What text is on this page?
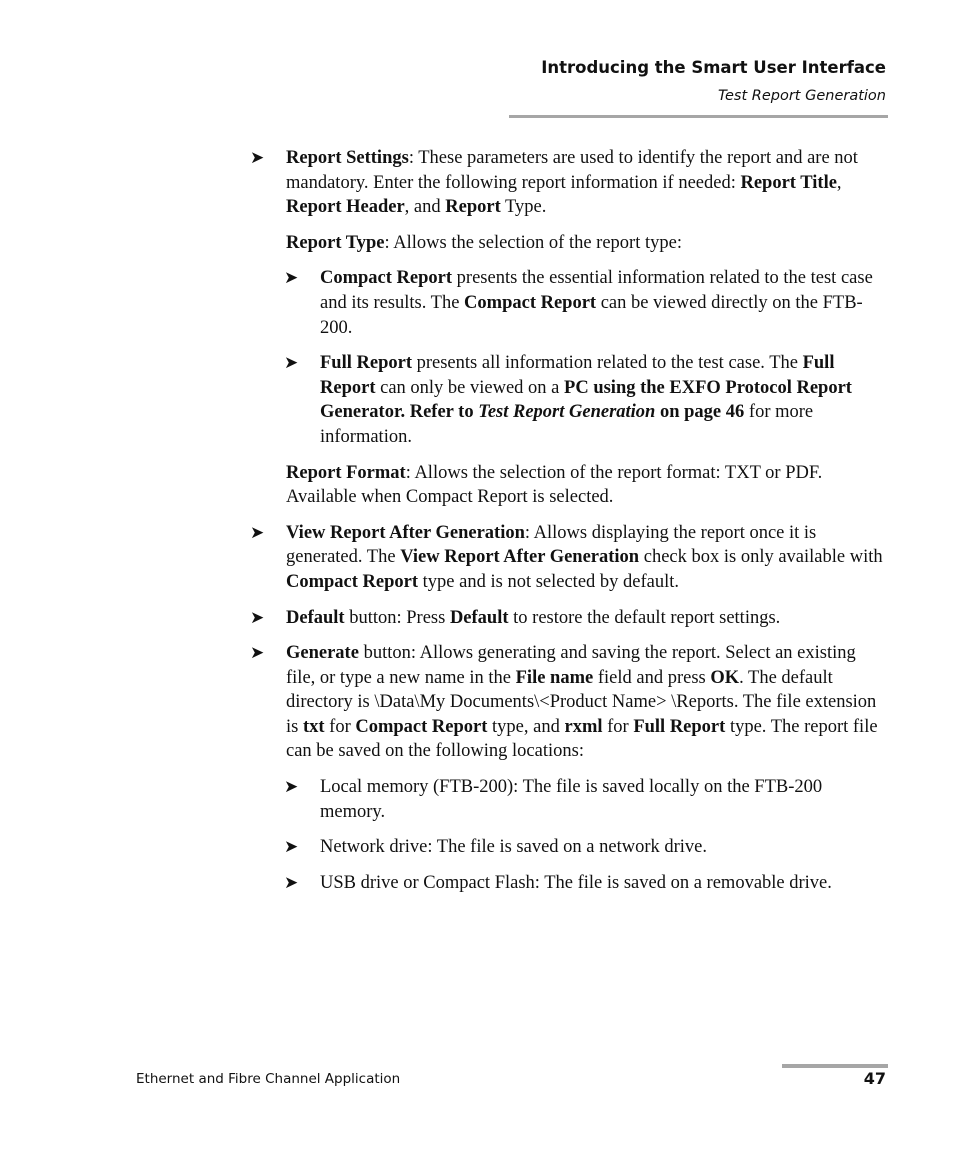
Introducing the Smart User Interface
Test Report Generation
➤ Report Settings: These parameters are used to identify the report and are not mandatory. Enter the following report information if needed: Report Title, Report Header, and Report Type.
Report Type: Allows the selection of the report type:
➤ Compact Report presents the essential information related to the test case and its results. The Compact Report can be viewed directly on the FTB-200.
➤ Full Report presents all information related to the test case. The Full Report can only be viewed on a PC using the EXFO Protocol Report Generator. Refer to Test Report Generation on page 46 for more information.
Report Format: Allows the selection of the report format: TXT or PDF. Available when Compact Report is selected.
➤ View Report After Generation: Allows displaying the report once it is generated. The View Report After Generation check box is only available with Compact Report type and is not selected by default.
➤ Default button: Press Default to restore the default report settings.
➤ Generate button: Allows generating and saving the report. Select an existing file, or type a new name in the File name field and press OK. The default directory is \Data\My Documents\<Product Name> \Reports. The file extension is txt for Compact Report type, and rxml for Full Report type. The report file can be saved on the following locations:
➤ Local memory (FTB-200): The file is saved locally on the FTB-200 memory.
➤ Network drive: The file is saved on a network drive.
➤ USB drive or Compact Flash: The file is saved on a removable drive.
Ethernet and Fibre Channel Application	47
